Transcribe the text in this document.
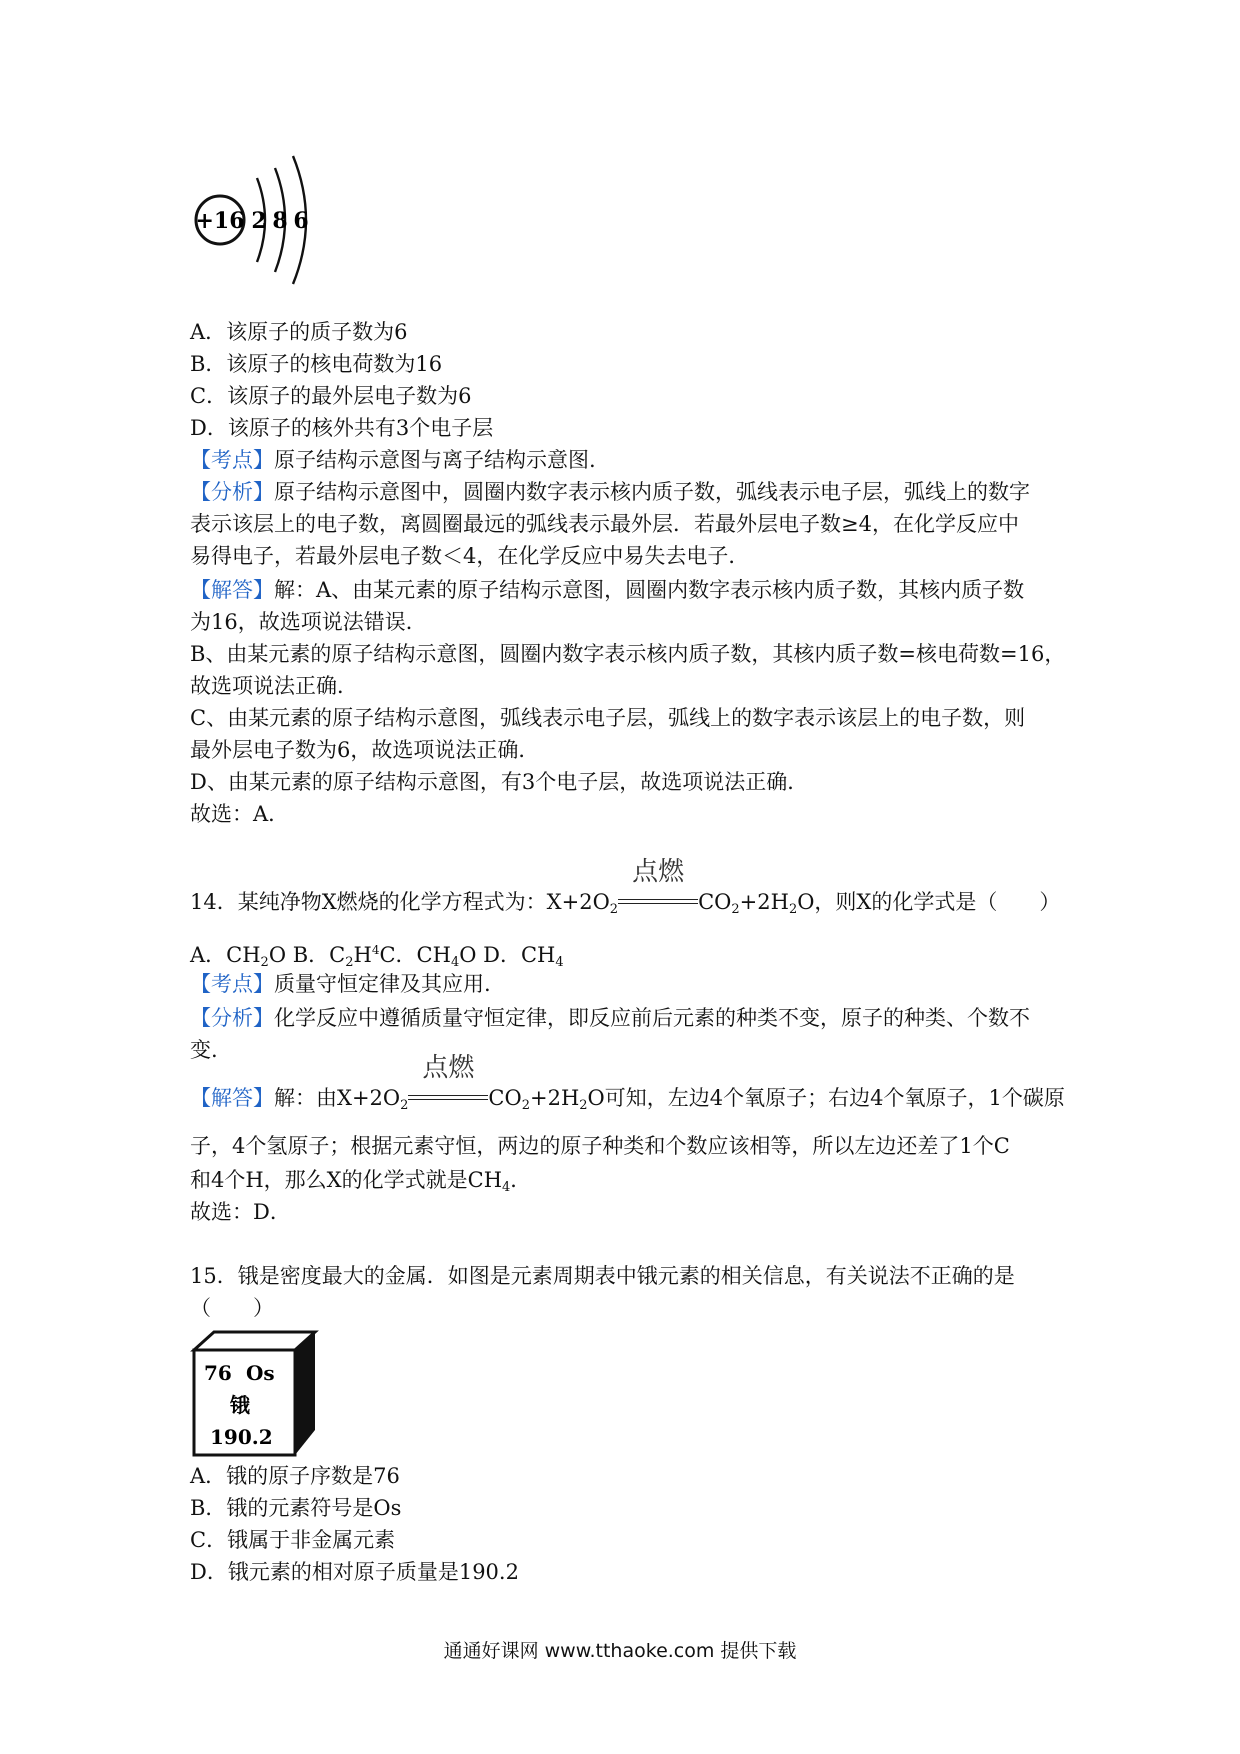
+16 2 8 6
A．该原子的质子数为6
B．该原子的核电荷数为16
C．该原子的最外层电子数为6
D．该原子的核外共有3个电子层
【考点】原子结构示意图与离子结构示意图.
【分析】原子结构示意图中，圆圈内数字表示核内质子数，弧线表示电子层，弧线上的数字
表示该层上的电子数，离圆圈最远的弧线表示最外层．若最外层电子数≥4，在化学反应中
易得电子，若最外层电子数＜4，在化学反应中易失去电子．
【解答】解：A、由某元素的原子结构示意图，圆圈内数字表示核内质子数，其核内质子数
为16，故选项说法错误．
B、由某元素的原子结构示意图，圆圈内数字表示核内质子数，其核内质子数=核电荷数=16，
故选项说法正确．
C、由某元素的原子结构示意图，弧线表示电子层，弧线上的数字表示该层上的电子数，则
最外层电子数为6，故选项说法正确．
D、由某元素的原子结构示意图，有3个电子层，故选项说法正确．
故选：A．
14．某纯净物X燃烧的化学方程式为：$X+2O_2$
点燃
$CO_2+2H_2O$，则X的化学式是（　　）
A．$CH_2O$ B．$C_2H^4C$．$CH_4O$ D．$CH_4$
【考点】质量守恒定律及其应用.
【分析】化学反应中遵循质量守恒定律，即反应前后元素的种类不变，原子的种类、个数不
变.
【解答】解：由$X+2O_2$
点燃
$CO_2+2H_2O$可知，左边4个氧原子；右边4个氧原子，1个碳原
子，4个氢原子；根据元素守恒，两边的原子种类和个数应该相等，所以左边还差了1个C
和4个H，那么X的化学式就是$CH_4$．
故选：D．
15．锇是密度最大的金属．如图是元素周期表中锇元素的相关信息，有关说法不正确的是
（　　）
76 Os
锇
190.2
A．锇的原子序数是76
B．锇的元素符号是Os
C．锇属于非金属元素
D．锇元素的相对原子质量是190.2
通通好课网 www.tthaoke.com 提供下载
